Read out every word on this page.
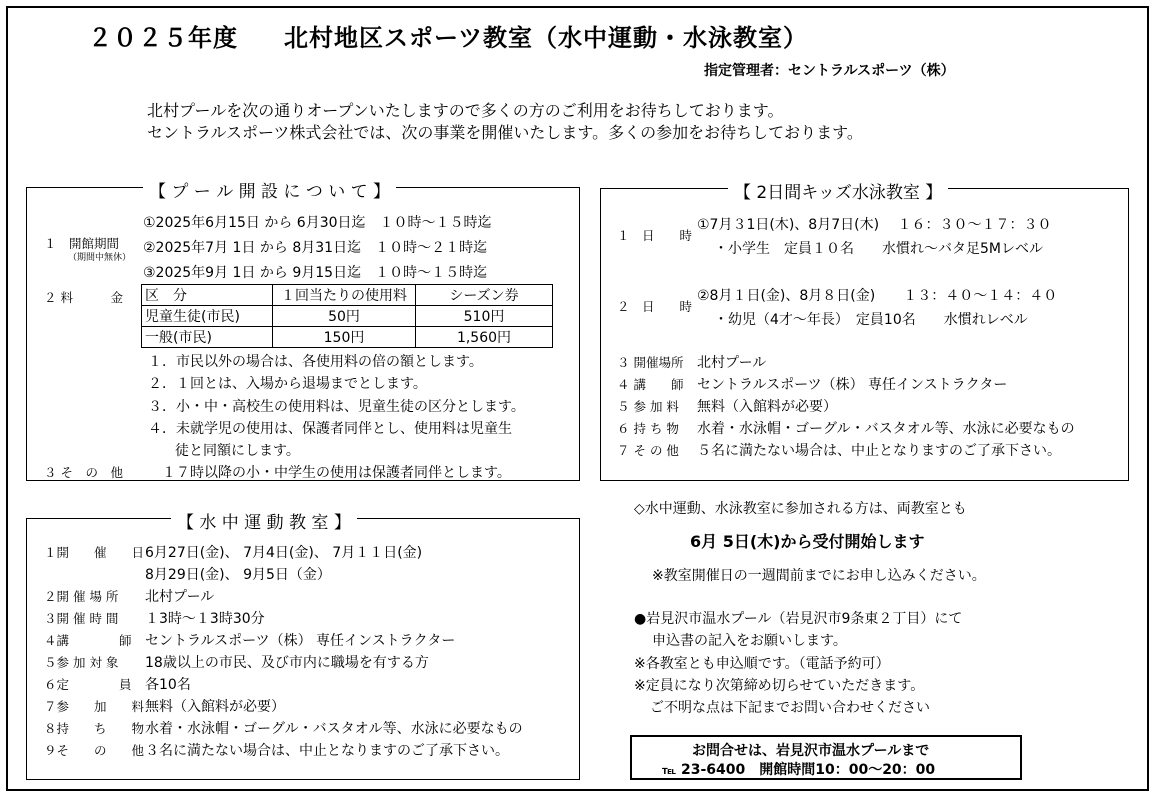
２０２５年度 北村地区スポーツ教室（水中運動・水泳教室）
指定管理者：セントラルスポーツ（株）
北村プールを次の通りオープンいたしますので多くの方のご利用をお待ちしております。
セントラルスポーツ株式会社では、次の事業を開催いたします。多くの参加をお待ちしております。
【 プ ー ル 開 設 に つ い て 】
１　開館期間
（期間中無休）
①2025年6月15日 から 6月30日迄　１０時～１５時迄
②2025年7月 1日 から 8月31日迄　１０時～２１時迄
③2025年9月 1日 から 9月15日迄　１０時～１５時迄
２ 料　　　金 区　分	１回当たりの使用料	シーズン券
児童生徒(市民)	50円	510円
一般(市民)	150円	1,560円
１．市民以外の場合は、各使用料の倍の額とします。
２．１回とは、入場から退場までとします。
３．小・中・高校生の使用料は、児童生徒の区分とします。
４．未就学児の使用は、保護者同伴とし、使用料は児童生
徒と同額にします。
３ そ　の　他	１７時以降の小・中学生の使用は保護者同伴とします。
【 水 中 運 動 教 室 】
１開　　催　　日 6月27日(金)、 7月4日(金)、 7月１１日(金)
8月29日(金)、 9月5日（金）
２開 催 場 所 北村プール
３開 催 時 間 １3時～１3時30分
４講　　　　師 セントラルスポーツ（株） 専任インストラクター
５参 加 対 象 18歳以上の市民、及び市内に職場を有する方
６定　　　　員 各10名
７参　　加　　料 無料（入館料が必要）
８持　　ち　　物 水着・水泳帽・ゴーグル・バスタオル等、水泳に必要なもの
９そ　　の　　他 ３名に満たない場合は、中止となりますのご了承下さい。
【 2日間キッズ水泳教室 】
１　日　　時
①7月３1日(木)、8月7日(木)　 １６：３０～１７：３０
・小学生　定員１０名　　水慣れ～バタ足5Mレベル
２　日　　時
②8月１日(金)、8月８日(金)　　１３：４０～１４：４０
・幼児（4才～年長）　定員10名　　水慣れレベル
３ 開催場所 北村プール
４ 講　　師 セントラルスポーツ（株） 専任インストラクター
５ 参 加 料 無料（入館料が必要）
６ 持 ち 物 水着・水泳帽・ゴーグル・バスタオル等、水泳に必要なもの
７ そ の 他 ５名に満たない場合は、中止となりますのご了承下さい。
◇水中運動、水泳教室に参加される方は、両教室とも
6月 5日(木)から受付開始します
※教室開催日の一週間前までにお申し込みください。
●岩見沢市温水プール（岩見沢市9条東２丁目）にて
申込書の記入をお願いします。
※各教室とも申込順です。（電話予約可）
※定員になり次第締め切らせていただきます。
ご不明な点は下記までお問い合わせください
お問合せは、岩見沢市温水プールまで
℡ 23-6400　開館時間10：00～20：00
